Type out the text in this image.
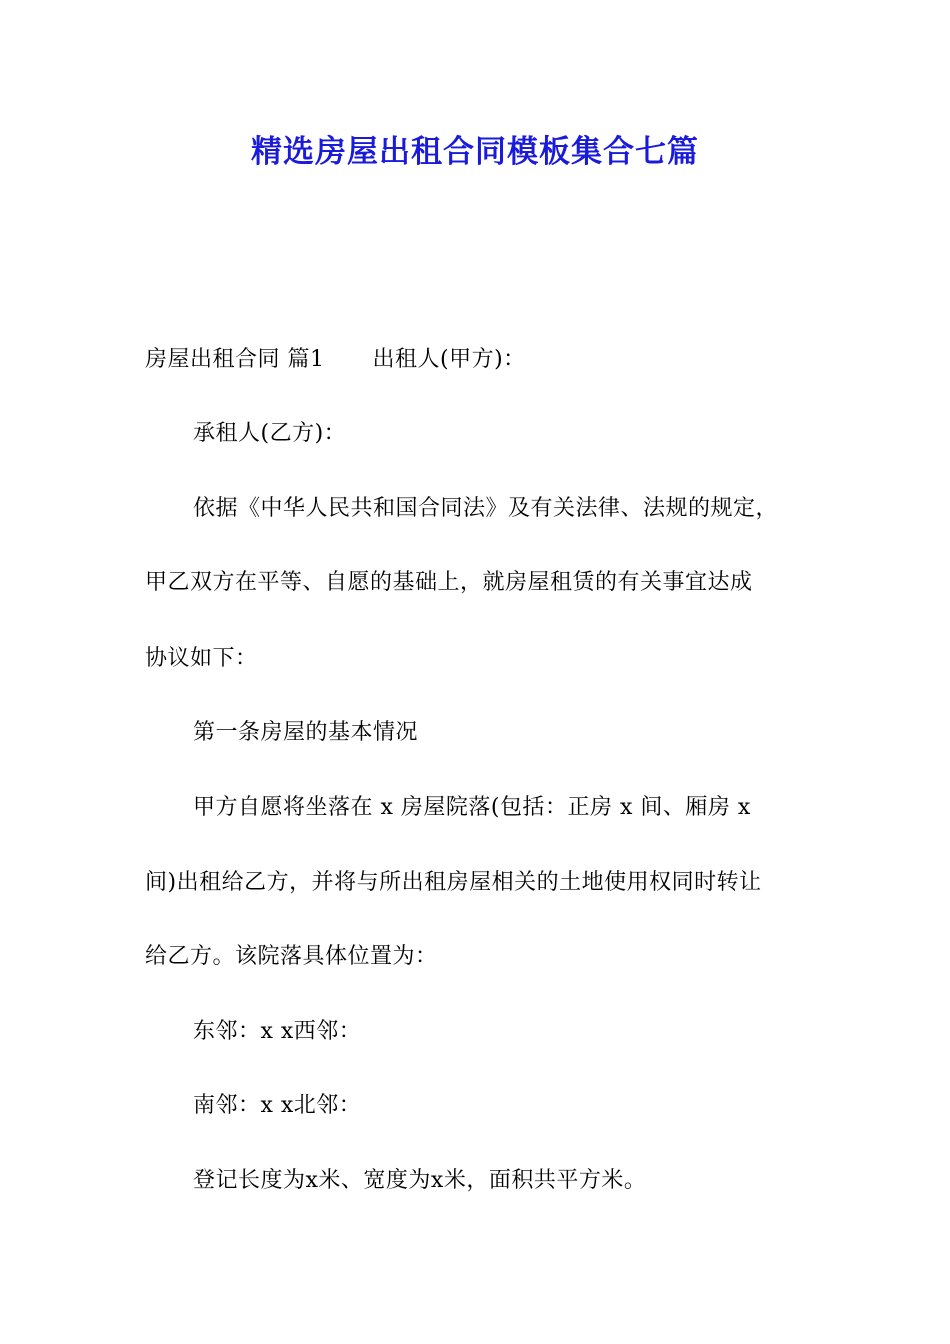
精选房屋出租合同模板集合七篇
房屋出租合同 篇1 出租人(甲方)：
承租人(乙方)：
依据《中华人民共和国合同法》及有关法律、法规的规定，
甲乙双方在平等、自愿的基础上，就房屋租赁的有关事宜达成
协议如下：
第一条房屋的基本情况
甲方自愿将坐落在 x 房屋院落(包括：正房 x 间、厢房 x
间)出租给乙方，并将与所出租房屋相关的土地使用权同时转让
给乙方。该院落具体位置为：
东邻：x x西邻：
南邻：x x北邻：
登记长度为x米、宽度为x米，面积共平方米。
